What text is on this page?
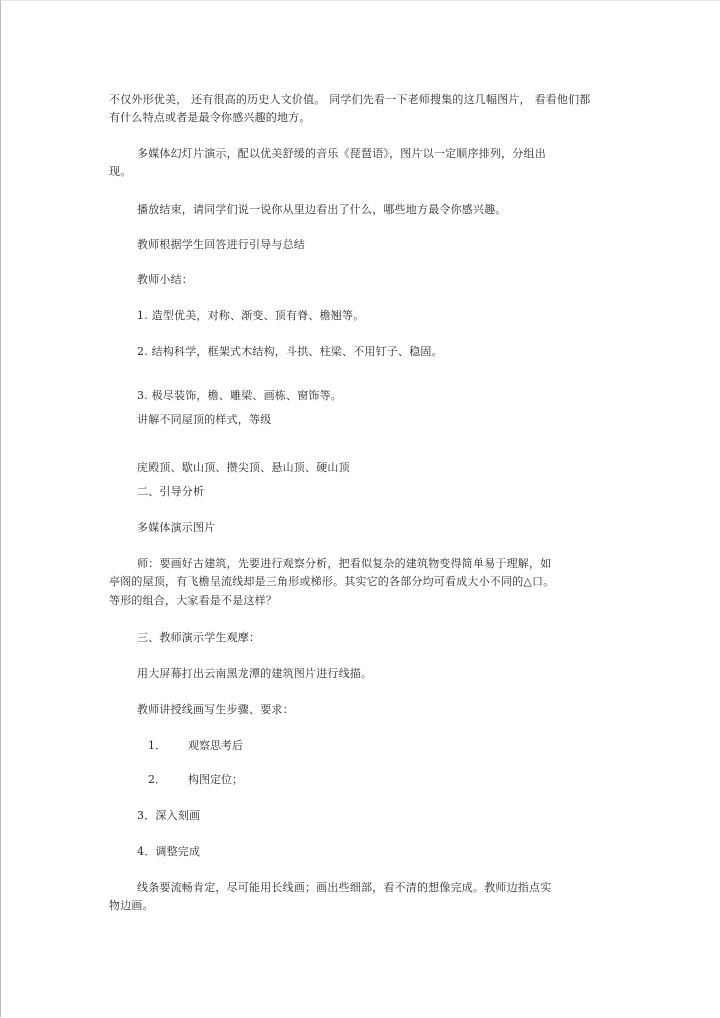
不仅外形优美， 还有很高的历史人文价值。 同学们先看一下老师搜集的这几幅图片， 看看他们都
有什么特点或者是最令你感兴趣的地方。
多媒体幻灯片演示，配以优美舒缓的音乐《琵琶语》，图片以一定顺序排列，分组出
现。
播放结束，请同学们说一说你从里边看出了什么，哪些地方最令你感兴趣。
教师根据学生回答进行引导与总结
教师小结：
1. 造型优美，对称、渐变、顶有脊、檐翘等。
2. 结构科学，框架式木结构，斗拱、柱梁、不用钉子、稳固。
3. 极尽装饰，檐、雕梁、画栋、窗饰等。
讲解不同屋顶的样式，等级
庑殿顶、歇山顶、攒尖顶、悬山顶、硬山顶
二、引导分析
多媒体演示图片
师：要画好古建筑，先要进行观察分析，把看似复杂的建筑物变得简单易于理解，如
亭阁的屋顶，有飞檐呈流线却是三角形或梯形。其实它的各部分均可看成大小不同的△口。
等形的组合，大家看是不是这样？
三、教师演示学生观摩：
用大屏幕打出云南黑龙潭的建筑图片进行线描。
教师讲授线画写生步骤、要求：
1． 观察思考后
2． 构图定位；
3．深入刻画
4．调整完成
线条要流畅肯定，尽可能用长线画；画出些细部，看不清的想像完成。教师边指点实
物边画。
